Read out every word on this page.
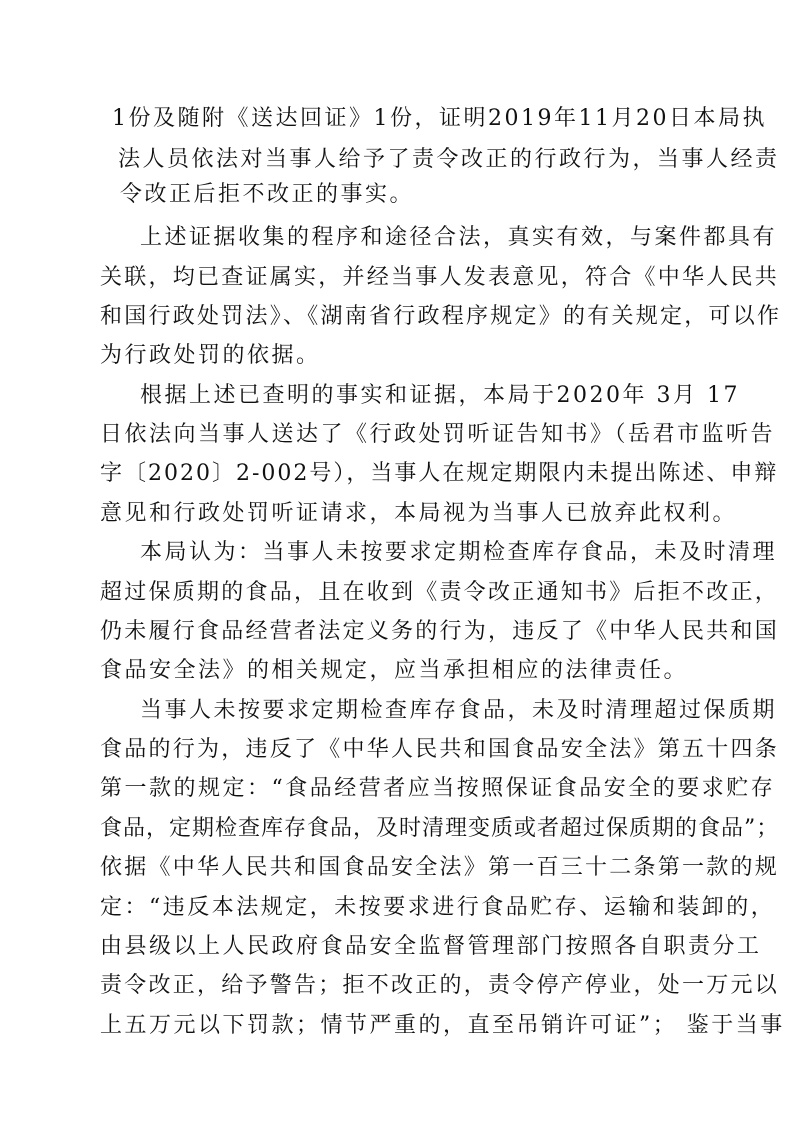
1份及随附《送达回证》1份，证明2019年11月20日本局执
法人员依法对当事人给予了责令改正的行政行为，当事人经责
令改正后拒不改正的事实。
上述证据收集的程序和途径合法，真实有效，与案件都具有
关联，均已查证属实，并经当事人发表意见，符合《中华人民共
和国行政处罚法》、《湖南省行政程序规定》的有关规定，可以作
为行政处罚的依据。
根据上述已查明的事实和证据，本局于2020年 3月 17
日依法向当事人送达了《行政处罚听证告知书》（岳君市监听告
字〔2020〕2-002号），当事人在规定期限内未提出陈述、申辩
意见和行政处罚听证请求，本局视为当事人已放弃此权利。
本局认为：当事人未按要求定期检查库存食品，未及时清理
超过保质期的食品，且在收到《责令改正通知书》后拒不改正，
仍未履行食品经营者法定义务的行为，违反了《中华人民共和国
食品安全法》的相关规定，应当承担相应的法律责任。
当事人未按要求定期检查库存食品，未及时清理超过保质期
食品的行为，违反了《中华人民共和国食品安全法》第五十四条
第一款的规定：“食品经营者应当按照保证食品安全的要求贮存
食品，定期检查库存食品，及时清理变质或者超过保质期的食品”；
依据《中华人民共和国食品安全法》第一百三十二条第一款的规
定：“违反本法规定，未按要求进行食品贮存、运输和装卸的，
由县级以上人民政府食品安全监督管理部门按照各自职责分工
责令改正，给予警告；拒不改正的，责令停产停业，处一万元以
上五万元以下罚款；情节严重的，直至吊销许可证”； 鉴于当事
